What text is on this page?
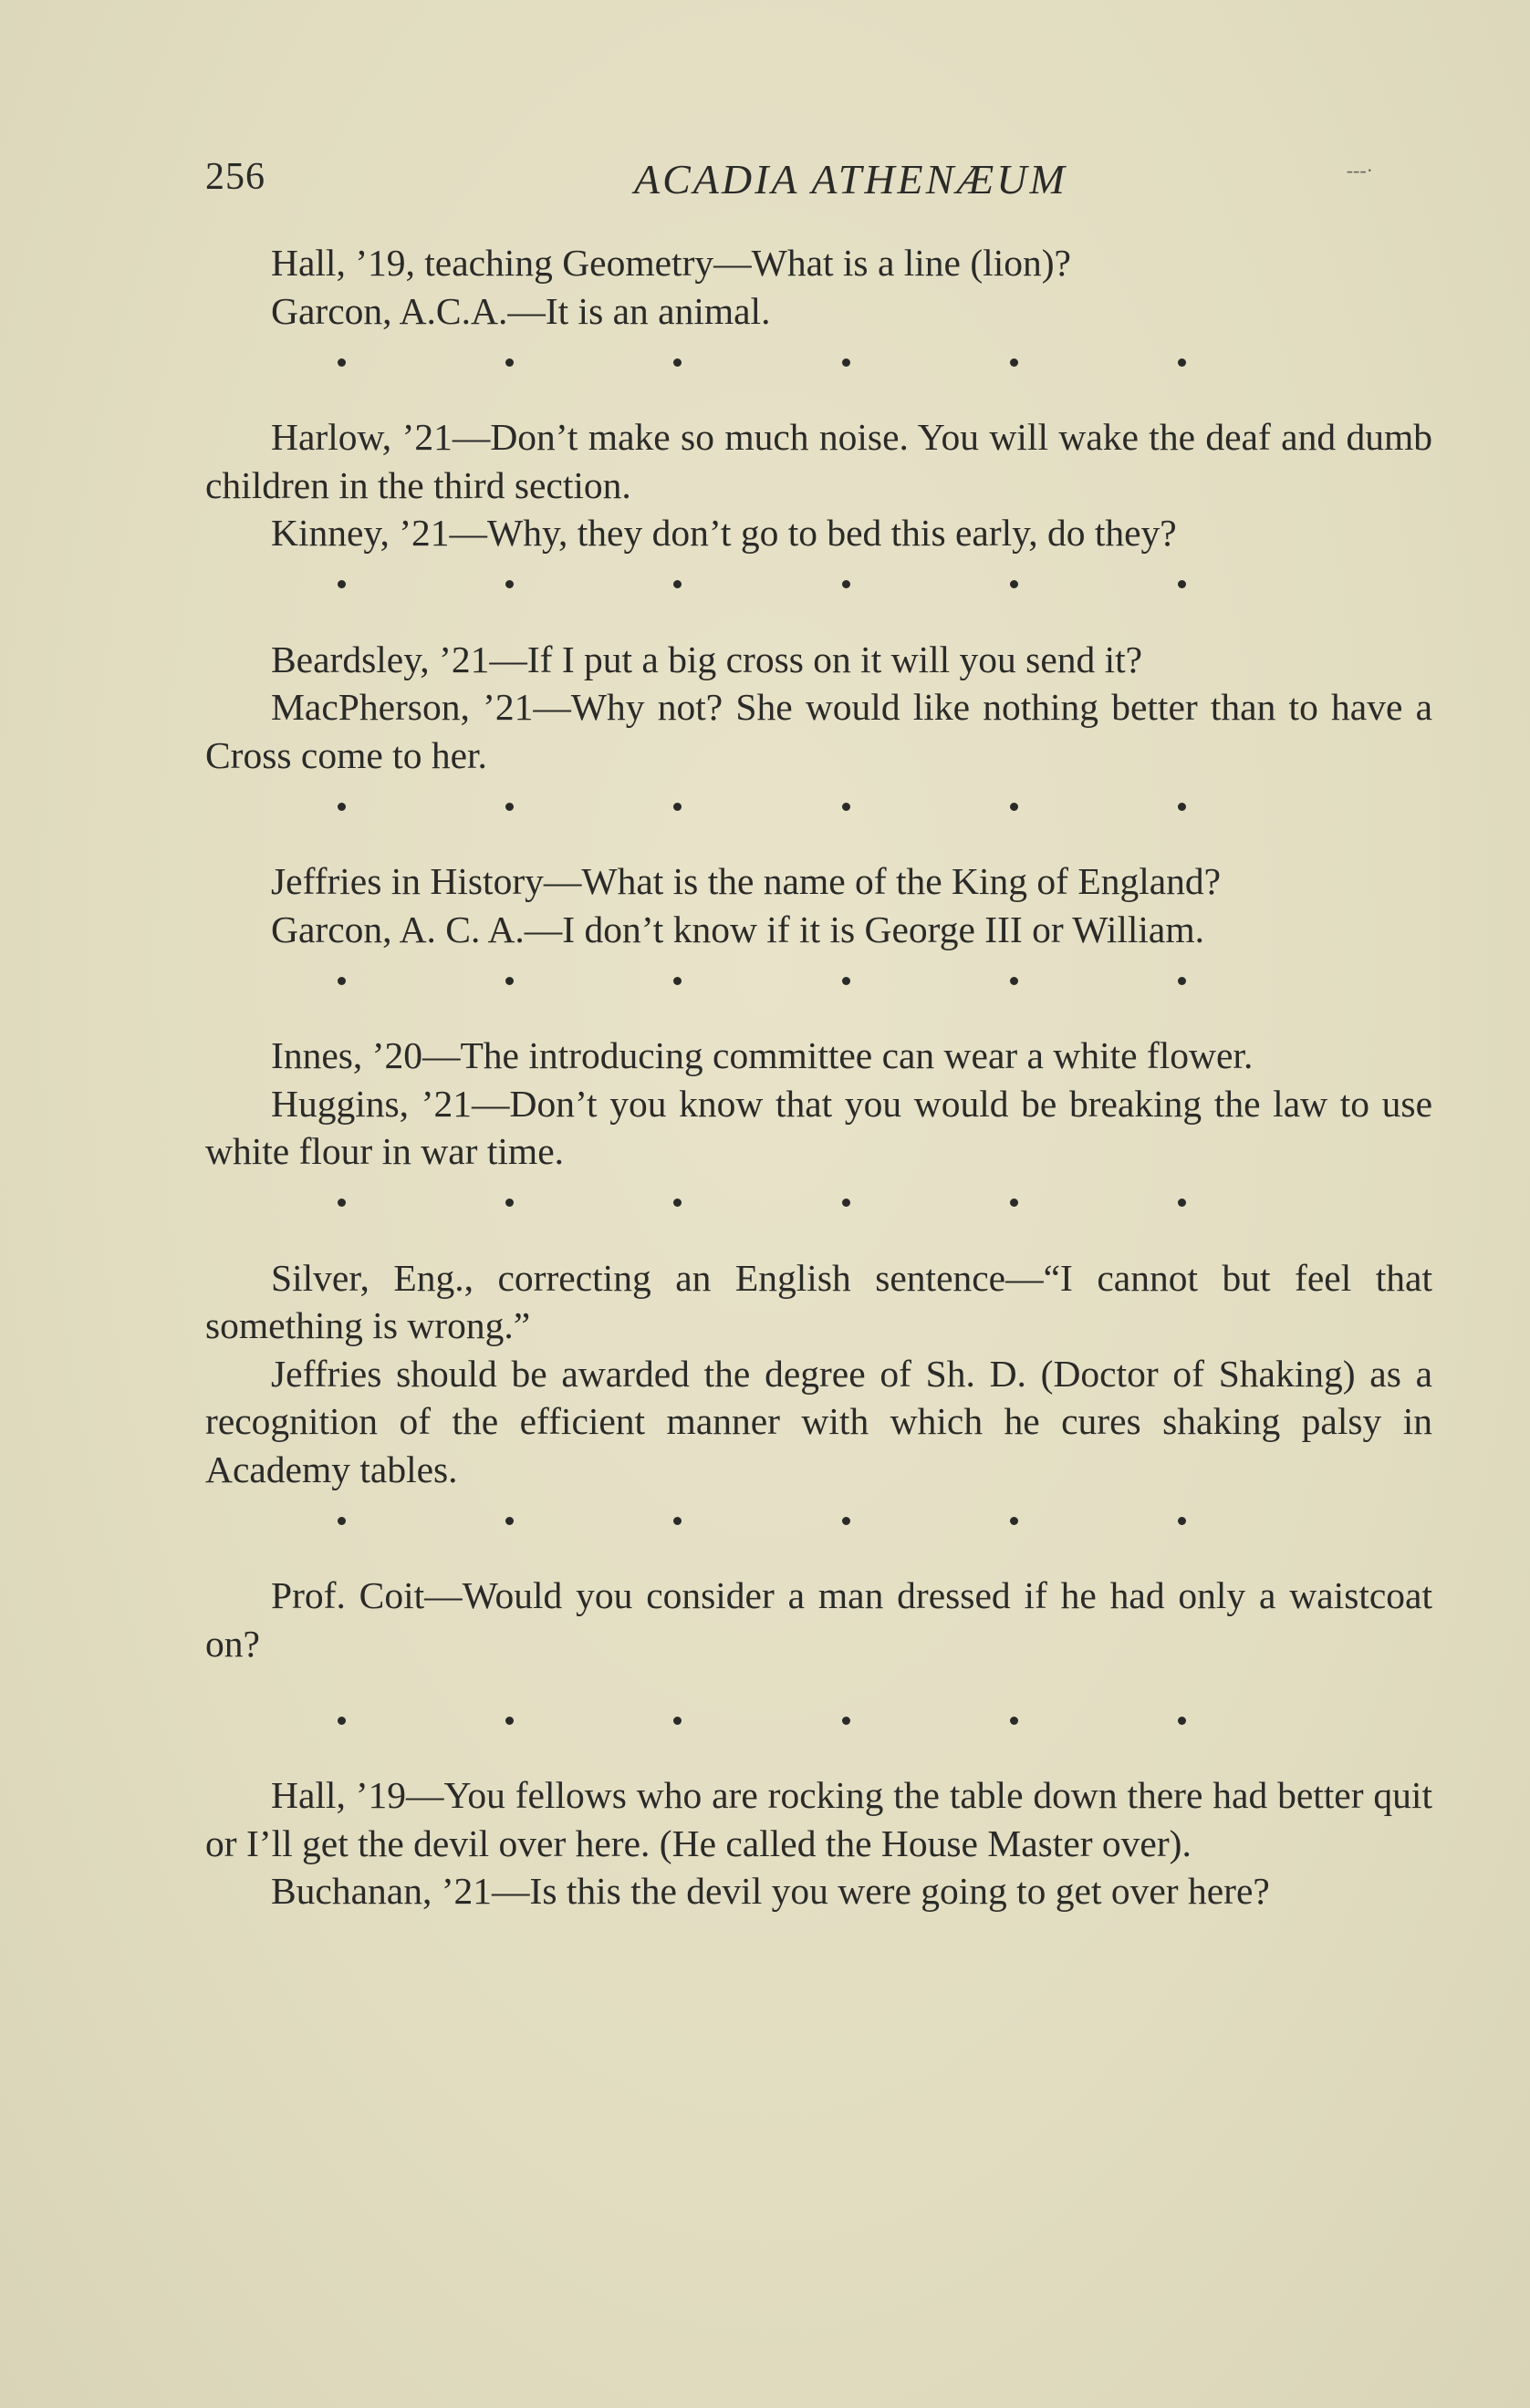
256	ACADIA ATHENÆUM	‐‐‐·

Hall, ’19, teaching Geometry—What is a line (lion)?

Garcon, A.C.A.—It is an animal.

Harlow, ’21—Don’t make so much noise. You will wake the deaf and dumb children in the third section.

Kinney, ’21—Why, they don’t go to bed this early, do they?

Beardsley, ’21—If I put a big cross on it will you send it?

MacPherson, ’21—Why not? She would like nothing better than to have a Cross come to her.

Jeffries in History—What is the name of the King of England?

Garcon, A. C. A.—I don’t know if it is George III or William.

Innes, ’20—The introducing committee can wear a white flower.

Huggins, ’21—Don’t you know that you would be breaking the law to use white flour in war time.

Silver, Eng., correcting an English sentence—“I cannot but feel that something is wrong.”

Jeffries should be awarded the degree of Sh. D. (Doctor of Shaking) as a recognition of the efficient manner with which he cures shaking palsy in Academy tables.

Prof. Coit—Would you consider a man dressed if he had only a waistcoat on?

Hall, ’19—You fellows who are rocking the table down there had better quit or I’ll get the devil over here. (He called the House Master over).

Buchanan, ’21—Is this the devil you were going to get over here?
